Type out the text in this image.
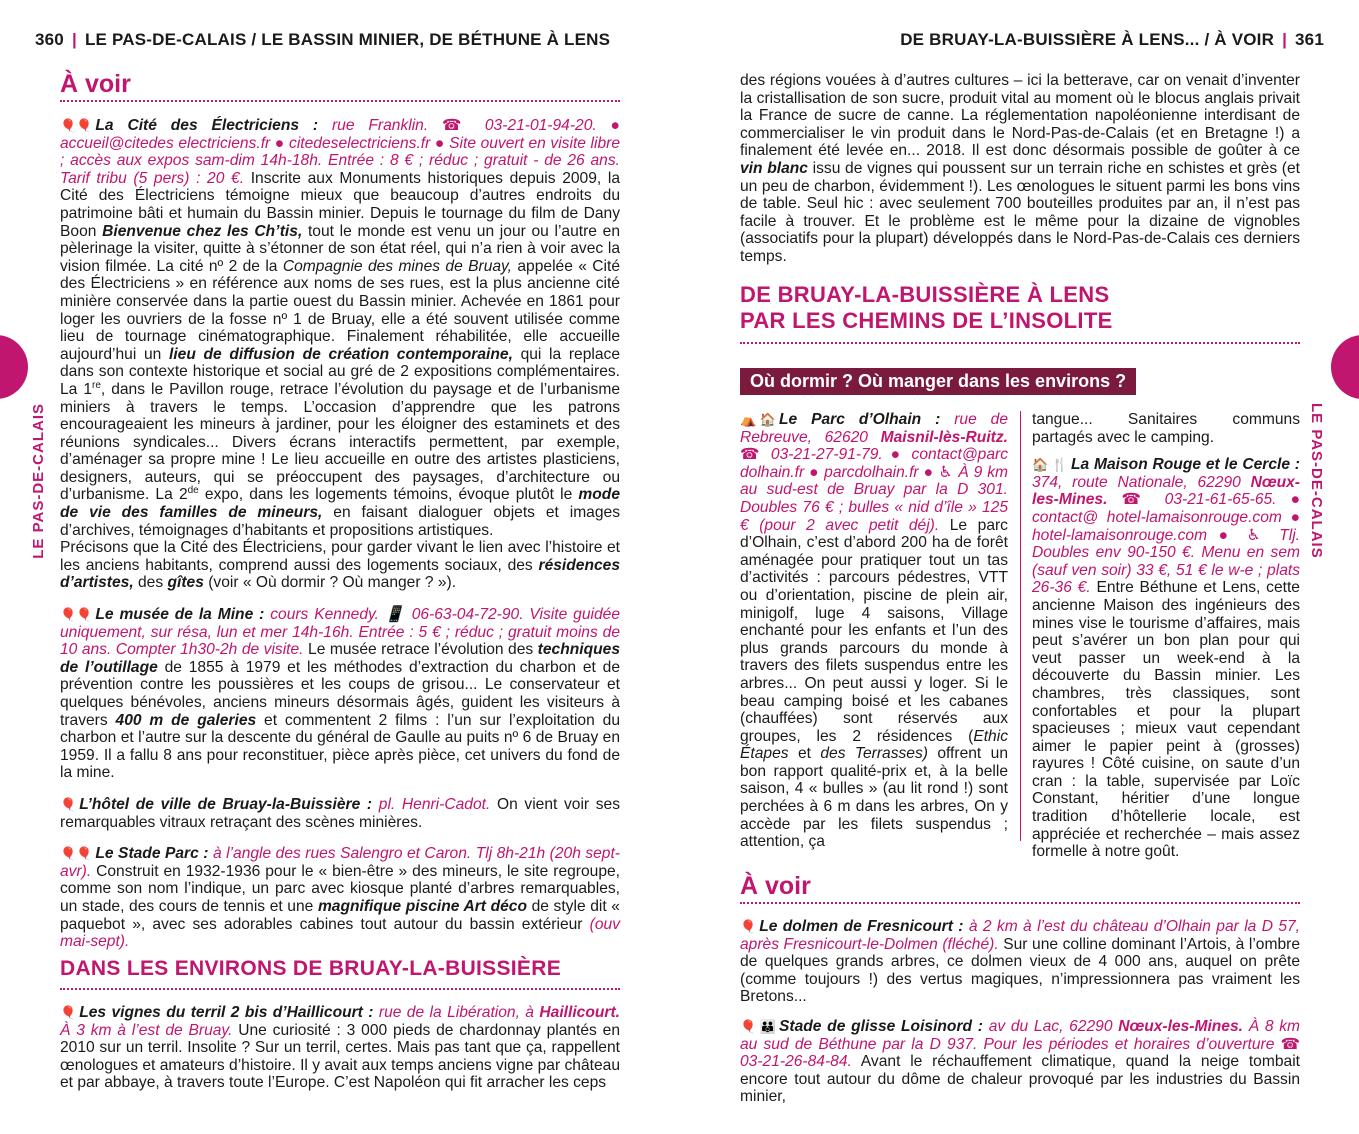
360 | LE PAS-DE-CALAIS / LE BASSIN MINIER, DE BÉTHUNE À LENS
LE PAS-DE-CALAIS
À voir

🎈🎈 La Cité des Électriciens : rue Franklin. ☎ 03-21-01-94-20. ● accueil@citedes electriciens.fr ● citedeselectriciens.fr ● Site ouvert en visite libre ; accès aux expos sam-dim 14h-18h. Entrée : 8 € ; réduc ; gratuit - de 26 ans. Tarif tribu (5 pers) : 20 €. Inscrite aux Monuments historiques depuis 2009, la Cité des Électriciens témoigne mieux que beaucoup d’autres endroits du patrimoine bâti et humain du Bassin minier. Depuis le tournage du film de Dany Boon Bienvenue chez les Ch’tis, tout le monde est venu un jour ou l’autre en pèlerinage la visiter, quitte à s’étonner de son état réel, qui n’a rien à voir avec la vision filmée. La cité nº 2 de la Compagnie des mines de Bruay, appelée « Cité des Électriciens » en référence aux noms de ses rues, est la plus ancienne cité minière conservée dans la partie ouest du Bassin minier. Achevée en 1861 pour loger les ouvriers de la fosse nº 1 de Bruay, elle a été souvent utilisée comme lieu de tournage cinématographique. Finalement réhabilitée, elle accueille aujourd’hui un lieu de diffusion de création contemporaine, qui la replace dans son contexte historique et social au gré de 2 expositions complémentaires. La 1re, dans le Pavillon rouge, retrace l’évolution du paysage et de l’urbanisme miniers à travers le temps. L’occasion d’apprendre que les patrons encourageaient les mineurs à jardiner, pour les éloigner des estaminets et des réunions syndicales... Divers écrans interactifs permettent, par exemple, d’aménager sa propre mine ! Le lieu accueille en outre des artistes plasticiens, designers, auteurs, qui se préoccupent des paysages, d’architecture ou d’urbanisme. La 2de expo, dans les logements témoins, évoque plutôt le mode de vie des familles de mineurs, en faisant dialoguer objets et images d’archives, témoignages d’habitants et propositions artistiques.
Précisons que la Cité des Électriciens, pour garder vivant le lien avec l’histoire et les anciens habitants, comprend aussi des logements sociaux, des résidences d’artistes, des gîtes (voir « Où dormir ? Où manger ? »).

🎈🎈 Le musée de la Mine : cours Kennedy. 📱 06-63-04-72-90. Visite guidée uniquement, sur résa, lun et mer 14h-16h. Entrée : 5 € ; réduc ; gratuit moins de 10 ans. Compter 1h30-2h de visite. Le musée retrace l’évolution des techniques de l’outillage de 1855 à 1979 et les méthodes d’extraction du charbon et de prévention contre les poussières et les coups de grisou... Le conservateur et quelques bénévoles, anciens mineurs désormais âgés, guident les visiteurs à travers 400 m de galeries et commentent 2 films : l’un sur l’exploitation du charbon et l’autre sur la descente du général de Gaulle au puits nº 6 de Bruay en 1959. Il a fallu 8 ans pour reconstituer, pièce après pièce, cet univers du fond de la mine.

🎈 L’hôtel de ville de Bruay-la-Buissière : pl. Henri-Cadot. On vient voir ses remarquables vitraux retraçant des scènes minières.

🎈🎈 Le Stade Parc : à l’angle des rues Salengro et Caron. Tlj 8h-21h (20h sept-avr). Construit en 1932-1936 pour le « bien-être » des mineurs, le site regroupe, comme son nom l’indique, un parc avec kiosque planté d’arbres remarquables, un stade, des cours de tennis et une magnifique piscine Art déco de style dit « paquebot », avec ses adorables cabines tout autour du bassin extérieur (ouv mai-sept).

DANS LES ENVIRONS DE BRUAY-LA-BUISSIÈRE

🎈 Les vignes du terril 2 bis d’Haillicourt : rue de la Libération, à Haillicourt. À 3 km à l’est de Bruay. Une curiosité : 3 000 pieds de chardonnay plantés en 2010 sur un terril. Insolite ? Sur un terril, certes. Mais pas tant que ça, rappellent œnologues et amateurs d’histoire. Il y avait aux temps anciens vigne par château et par abbaye, à travers toute l’Europe. C’est Napoléon qui fit arracher les ceps

DE BRUAY-LA-BUISSIÈRE À LENS... / À VOIR | 361
LE PAS-DE-CALAIS

des régions vouées à d’autres cultures – ici la betterave, car on venait d’inventer la cristallisation de son sucre, produit vital au moment où le blocus anglais privait la France de sucre de canne. La réglementation napoléonienne interdisant de commercialiser le vin produit dans le Nord-Pas-de-Calais (et en Bretagne !) a finalement été levée en... 2018. Il est donc désormais possible de goûter à ce vin blanc issu de vignes qui poussent sur un terrain riche en schistes et grès (et un peu de charbon, évidemment !). Les œnologues le situent parmi les bons vins de table. Seul hic : avec seulement 700 bouteilles produites par an, il n’est pas facile à trouver. Et le problème est le même pour la dizaine de vignobles (associatifs pour la plupart) développés dans le Nord-Pas-de-Calais ces derniers temps.

DE BRUAY-LA-BUISSIÈRE À LENS
PAR LES CHEMINS DE L’INSOLITE
Où dormir ? Où manger dans les environs ?

⛺ 🏠 Le Parc d’Olhain : rue de Rebreuve, 62620 Maisnil-lès-Ruitz. ☎ 03-21-27-91-79. ● contact@parc dolhain.fr ● parcdolhain.fr ● ♿ À 9 km au sud-est de Bruay par la D 301. Doubles 76 € ; bulles « nid d’île » 125 € (pour 2 avec petit déj). Le parc d’Olhain, c’est d’abord 200 ha de forêt aménagée pour pratiquer tout un tas d’activités : parcours pédestres, VTT ou d’orientation, piscine de plein air, minigolf, luge 4 saisons, Village enchanté pour les enfants et l’un des plus grands parcours du monde à travers des filets suspendus entre les arbres... On peut aussi y loger. Si le beau camping boisé et les cabanes (chauffées) sont réservés aux groupes, les 2 résidences (Ethic Étapes et des Terrasses) offrent un bon rapport qualité-prix et, à la belle saison, 4 « bulles » (au lit rond !) sont perchées à 6 m dans les arbres, On y accède par les filets suspendus ; attention, ça

tangue... Sanitaires communs partagés avec le camping.

🏠 🍴 La Maison Rouge et le Cercle : 374, route Nationale, 62290 Nœux-les-Mines. ☎ 03-21-61-65-65. ● contact@ hotel-lamaisonrouge.com ● hotel-lamaisonrouge.com ● ♿ Tlj. Doubles env 90-150 €. Menu en sem (sauf ven soir) 33 €, 51 € le w-e ; plats 26-36 €. Entre Béthune et Lens, cette ancienne Maison des ingénieurs des mines vise le tourisme d’affaires, mais peut s’avérer un bon plan pour qui veut passer un week-end à la découverte du Bassin minier. Les chambres, très classiques, sont confortables et pour la plupart spacieuses ; mieux vaut cependant aimer le papier peint à (grosses) rayures ! Côté cuisine, on saute d’un cran : la table, supervisée par Loïc Constant, héritier d’une longue tradition d’hôtellerie locale, est appréciée et recherchée – mais assez formelle à notre goût.

À voir

🎈 Le dolmen de Fresnicourt : à 2 km à l’est du château d’Olhain par la D 57, après Fresnicourt-le-Dolmen (fléché). Sur une colline dominant l’Artois, à l’ombre de quelques grands arbres, ce dolmen vieux de 4 000 ans, auquel on prête (comme toujours !) des vertus magiques, n’impressionnera pas vraiment les Bretons...

🎈 👪 Stade de glisse Loisinord : av du Lac, 62290 Nœux-les-Mines. À 8 km au sud de Béthune par la D 937. Pour les périodes et horaires d’ouverture ☎ 03-21-26-84-84. Avant le réchauffement climatique, quand la neige tombait encore tout autour du dôme de chaleur provoqué par les industries du Bassin minier,
